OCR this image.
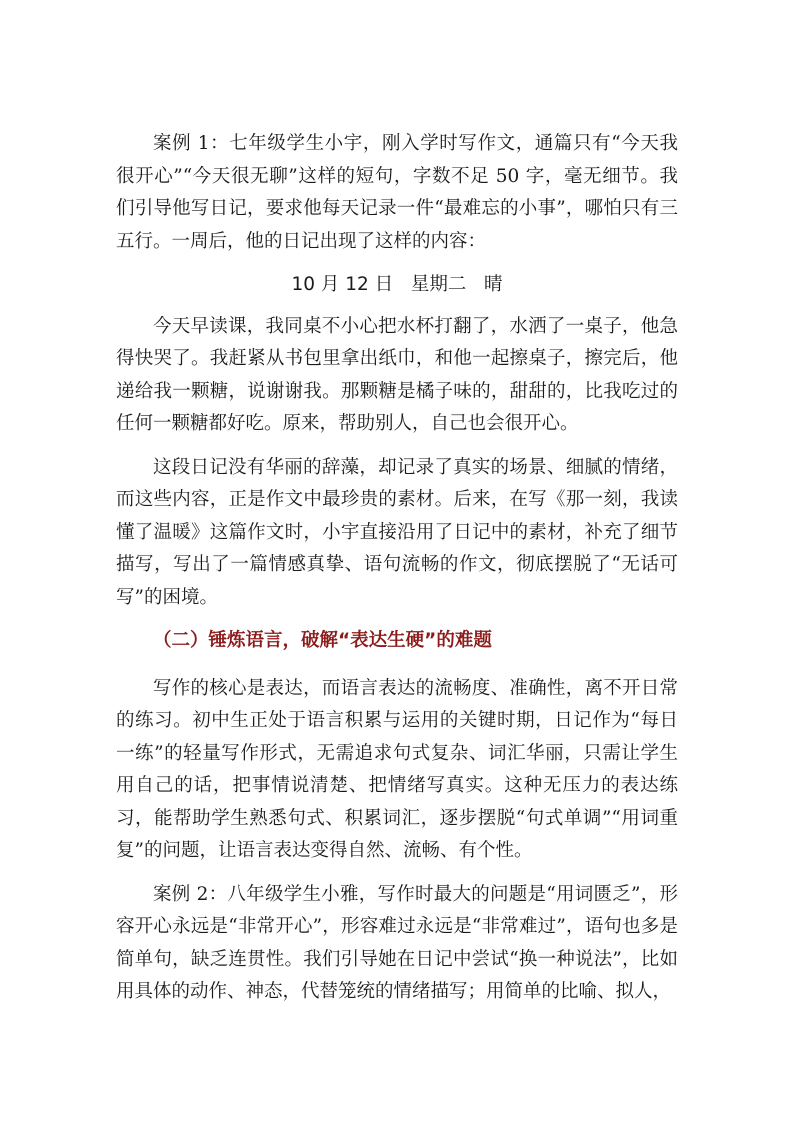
案例 1：七年级学生小宇，刚入学时写作文，通篇只有“今天我很开心”“今天很无聊”这样的短句，字数不足 50 字，毫无细节。我们引导他写日记，要求他每天记录一件“最难忘的小事”，哪怕只有三五行。一周后，他的日记出现了这样的内容：

10 月 12 日   星期二   晴

今天早读课，我同桌不小心把水杯打翻了，水洒了一桌子，他急得快哭了。我赶紧从书包里拿出纸巾，和他一起擦桌子，擦完后，他递给我一颗糖，说谢谢我。那颗糖是橘子味的，甜甜的，比我吃过的任何一颗糖都好吃。原来，帮助别人，自己也会很开心。

这段日记没有华丽的辞藻，却记录了真实的场景、细腻的情绪，而这些内容，正是作文中最珍贵的素材。后来，在写《那一刻，我读懂了温暖》这篇作文时，小宇直接沿用了日记中的素材，补充了细节描写，写出了一篇情感真挚、语句流畅的作文，彻底摆脱了“无话可写”的困境。

（二）锤炼语言，破解“表达生硬”的难题

写作的核心是表达，而语言表达的流畅度、准确性，离不开日常的练习。初中生正处于语言积累与运用的关键时期，日记作为“每日一练”的轻量写作形式，无需追求句式复杂、词汇华丽，只需让学生用自己的话，把事情说清楚、把情绪写真实。这种无压力的表达练习，能帮助学生熟悉句式、积累词汇，逐步摆脱“句式单调”“用词重复”的问题，让语言表达变得自然、流畅、有个性。

案例 2：八年级学生小雅，写作时最大的问题是“用词匮乏”，形容开心永远是“非常开心”，形容难过永远是“非常难过”，语句也多是简单句，缺乏连贯性。我们引导她在日记中尝试“换一种说法”，比如用具体的动作、神态，代替笼统的情绪描写；用简单的比喻、拟人，
